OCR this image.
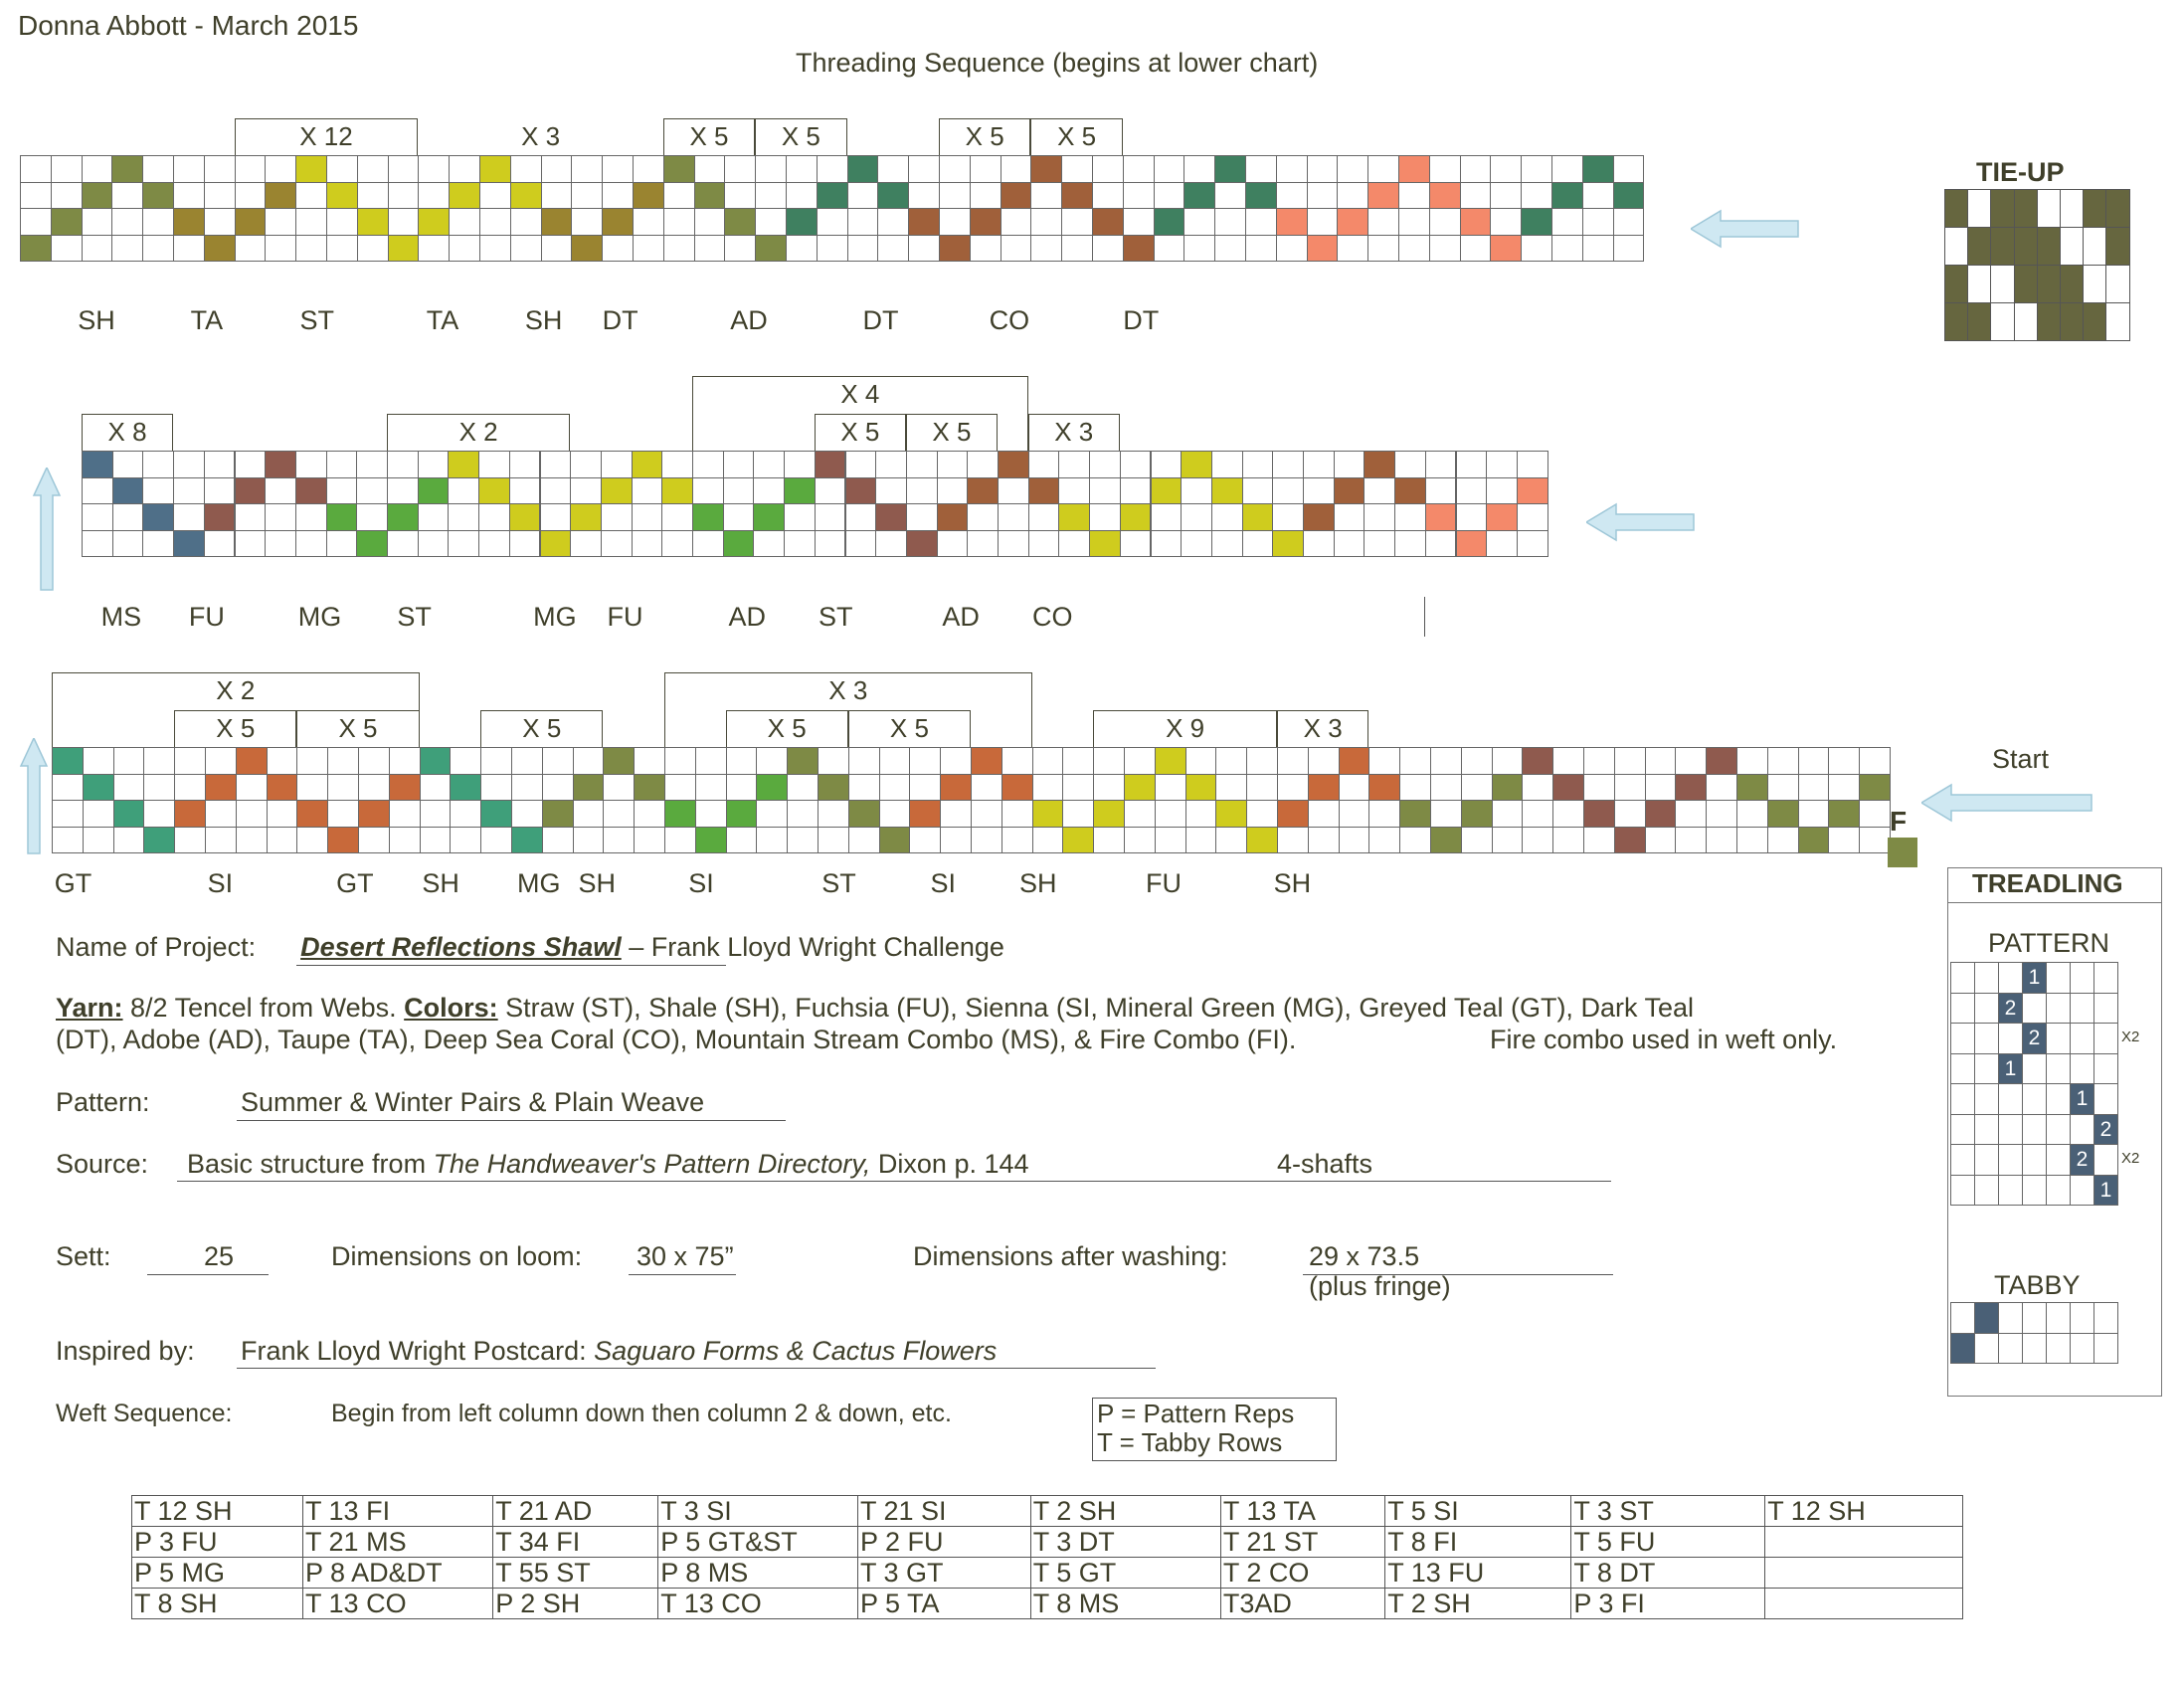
Donna Abbott - March 2015
Threading Sequence (begins at lower chart)
X 12	X 3	X 5	X 5	X 5	X 5
SH	TA	ST	TA SH DT	AD	DT	CO	DT
X 8	X 2
X 4
X 5	X 5	X 3
MS FU	MG ST	MG FU	AD ST	AD CO
X 2
X 5	X 5	X 5
X 3
X 5	X 5	X 9	X 3
GT	SI	GT SH MG SH	SI	ST	SI SH	FU	SH
F
Start
TIE-UP
TREADLING
PATTERN
1
2
2	X2
1
1
2
2	X2
1
TABBY
Name of Project: Desert Reflections Shawl – Frank Lloyd Wright Challenge
Yarn: 8/2 Tencel from Webs. Colors: Straw (ST), Shale (SH), Fuchsia (FU), Sienna (SI, Mineral Green (MG), Greyed Teal (GT), Dark Teal
(DT), Adobe (AD), Taupe (TA), Deep Sea Coral (CO), Mountain Stream Combo (MS), & Fire Combo (FI).	Fire combo used in weft only.
Pattern:	Summer & Winter Pairs & Plain Weave
Source: Basic structure from The Handweaver's Pattern Directory, Dixon p. 144	4-shafts
Sett:	25	Dimensions on loom: 30 x 75”	Dimensions after washing:	29 x 73.5
(plus fringe)
Inspired by: Frank Lloyd Wright Postcard: Saguaro Forms & Cactus Flowers
Weft Sequence:	Begin from left column down then column 2 & down, etc.	P = Pattern Reps
T = Tabby Rows
T 12 SH	T 13 FI	T 21 AD	T 3 SI	T 21 SI	T 2 SH	T 13 TA	T 5 SI	T 3 ST	T 12 SH
P 3 FU	T 21 MS	T 34 FI	P 5 GT&ST	P 2 FU	T 3 DT	T 21 ST	T 8 FI	T 5 FU	
P 5 MG	P 8 AD&DT	T 55 ST	P 8 MS	T 3 GT	T 5 GT	T 2 CO	T 13 FU	T 8 DT	
T 8 SH	T 13 CO	P 2 SH	T 13 CO	P 5 TA	T 8 MS	T3AD	T 2 SH	P 3 FI	
